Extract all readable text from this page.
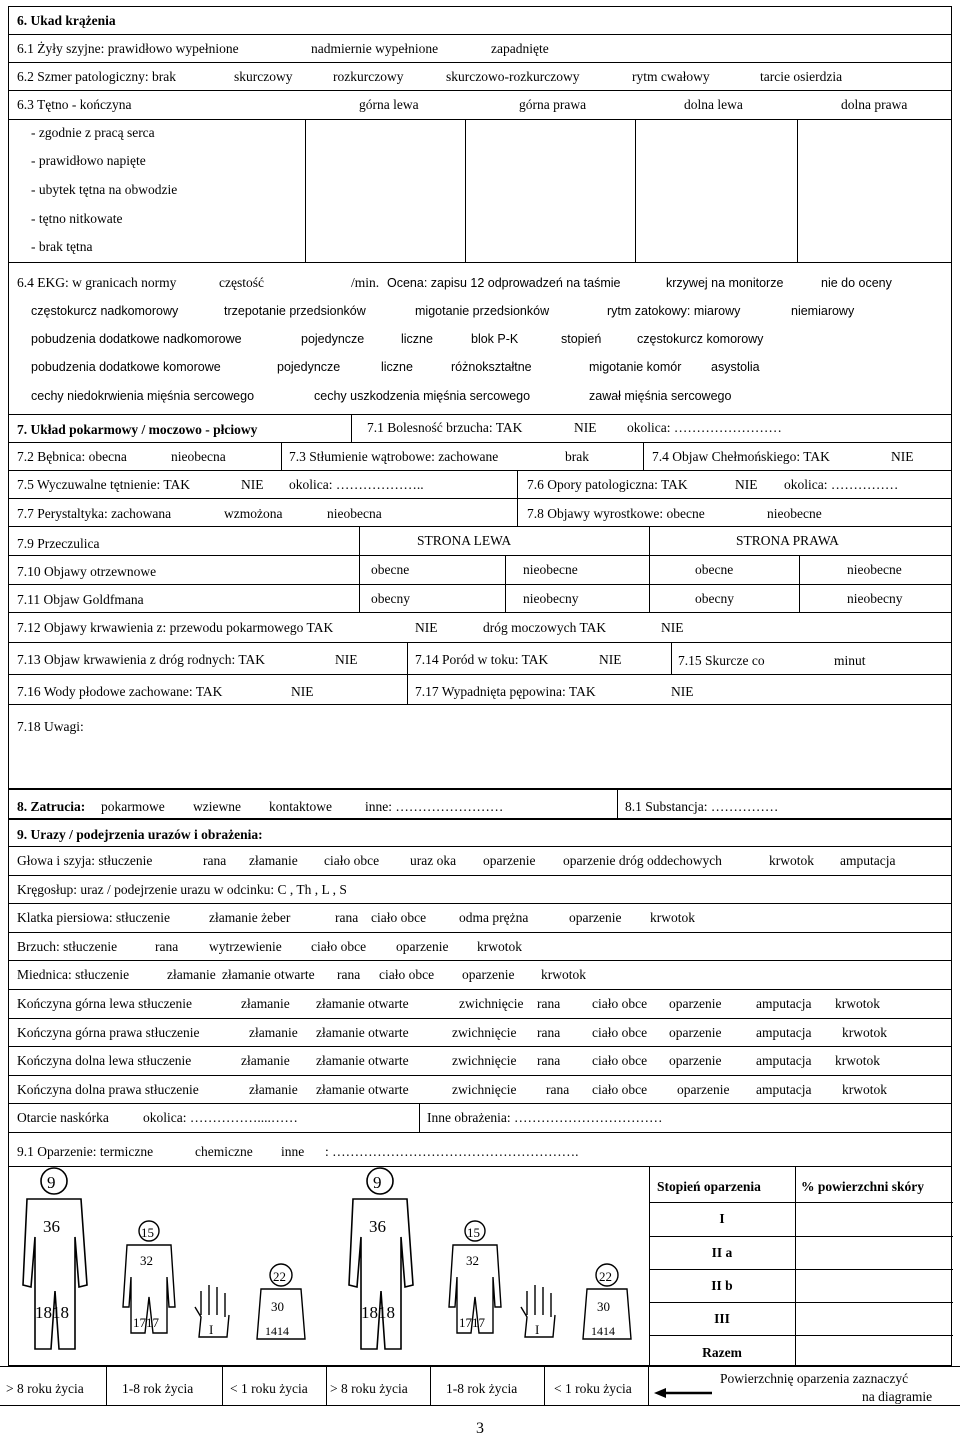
6. Ukad krążenia
6.1 Żyły szyjne: prawidłowo wypełnione	nadmiernie wypełnione	zapadnięte
6.2 Szmer patologiczny: brak	skurczowy	rozkurczowy	skurczowo-rozkurczowy	rytm cwałowy	tarcie osierdzia
6.3 Tętno - kończyna	górna lewa	górna prawa	dolna lewa	dolna prawa
- zgodnie z pracą serca
- prawidłowo napięte
- ubytek tętna na obwodzie
- tętno nitkowate
- brak tętna
6.4 EKG: w granicach normy	częstość	/min. Ocena: zapisu 12 odprowadzeń na taśmie	krzywej na monitorze	nie do oceny
częstokurcz nadkomorowy	trzepotanie przedsionków	migotanie przedsionków	rytm zatokowy: miarowy	niemiarowy
pobudzenia dodatkowe nadkomorowe	pojedyncze	liczne	blok P-K	stopień	częstokurcz komorowy
pobudzenia dodatkowe komorowe	pojedyncze	liczne	różnokształtne	migotanie komór asystolia
cechy niedokrwienia mięśnia sercowego	cechy uszkodzenia mięśnia sercowego	zawał mięśnia sercowego
7. Układ pokarmowy / moczowo - płciowy	7.1 Bolesność brzucha: TAK	NIE okolica: ……………………
7.2 Bębnica: obecna	nieobecna	7.3 Stłumienie wątrobowe: zachowane	brak	7.4 Objaw Chełmońskiego: TAK	NIE
7.5 Wyczuwalne tętnienie: TAK	NIE okolica: ………………..	7.6 Opory patologiczna: TAK	NIE okolica: ……………
7.7 Perystaltyka: zachowana	wzmożona	nieobecna	7.8 Objawy wyrostkowe: obecne	nieobecne
7.9 Przeczulica	STRONA LEWA	STRONA PRAWA
7.10 Objawy otrzewnowe	obecne	nieobecne	obecne	nieobecne
7.11 Objaw Goldfmana	obecny	nieobecny	obecny	nieobecny
7.12 Objawy krwawienia z: przewodu pokarmowego TAK	NIE	dróg moczowych TAK	NIE
7.13 Objaw krwawienia z dróg rodnych: TAK	NIE	7.14 Poród w toku: TAK	NIE	7.15 Skurcze co	minut
7.16 Wody płodowe zachowane: TAK	NIE	7.17 Wypadnięta pępowina: TAK	NIE
7.18 Uwagi:
8. Zatrucia: pokarmowe wziewne kontaktowe inne: ……………………	8.1 Substancja: ……………
9. Urazy / podejrzenia urazów i obrażenia:
Głowa i szyja: stłuczenie	rana złamanie ciało obce uraz oka oparzenie oparzenie dróg oddechowych	krwotok amputacja
Kręgosłup: uraz / podejrzenie urazu w odcinku: C , Th , L , S
Klatka piersiowa: stłuczenie	złamanie żeber	rana ciało obce odma prężna	oparzenie krwotok
Brzuch: stłuczenie	rana wytrzewienie ciało obce oparzenie krwotok
Miednica: stłuczenie	złamanie złamanie otwarte rana ciało obce oparzenie krwotok
Kończyna górna lewa stłuczenie	złamanie złamanie otwarte	zwichnięcie rana ciało obce oparzenie	amputacja krwotok
Kończyna górna prawa stłuczenie	złamanie złamanie otwarte	zwichnięcie rana ciało obce oparzenie	amputacja krwotok
Kończyna dolna lewa stłuczenie	złamanie złamanie otwarte	zwichnięcie rana ciało obce oparzenie	amputacja krwotok
Kończyna dolna prawa stłuczenie	złamanie złamanie otwarte	zwichnięcie rana ciało obce oparzenie amputacja krwotok
Otarcie naskórka	okolica: ……………....……	Inne obrażenia: ……………………………
9.1 Oparzenie: termiczne	chemiczne inne : ……………………………………………….
9
36
1818
15
32
1717	I
22
30
1414
9
36
1818
15
32
1717	I
22
30
1414
Stopień oparzenia	% powierzchni skóry
I
II a
II b
III
Razem
> 8 roku życia	1-8 rok życia	< 1 roku życia > 8 roku życia	1-8 rok życia	< 1 roku życia
Powierzchnię oparzenia zaznaczyć
na diagramie
3
